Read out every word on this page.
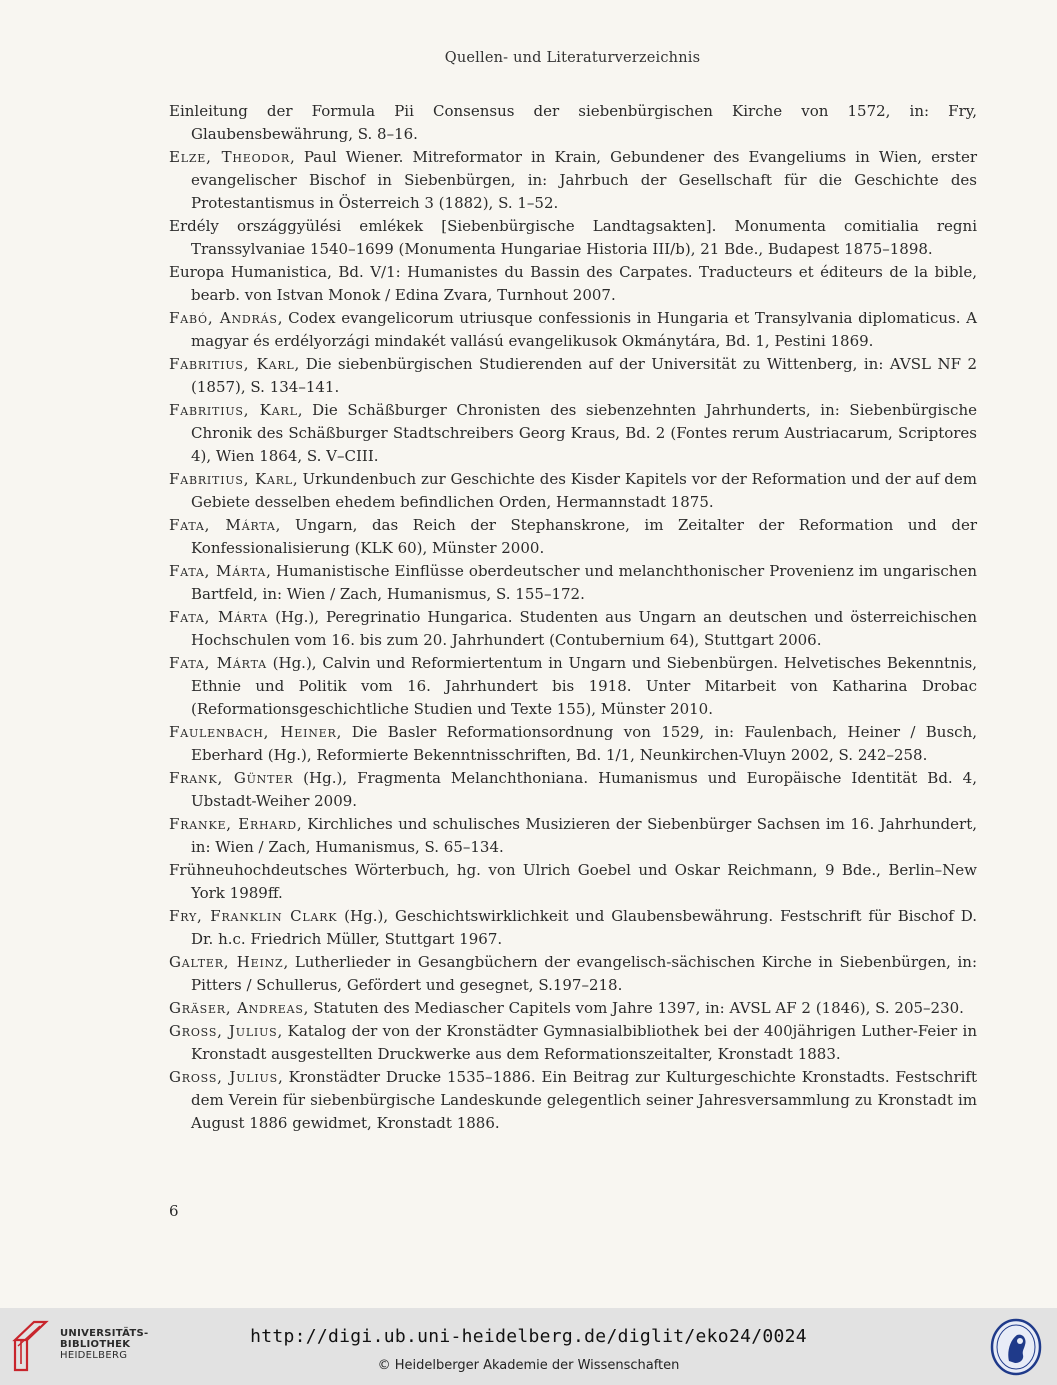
Quellen- und Literaturverzeichnis

Einleitung der Formula Pii Consensus der siebenbürgischen Kirche von 1572, in: Fry, Glaubensbewährung, S. 8–16.

Elze, Theodor, Paul Wiener. Mitreformator in Krain, Gebundener des Evangeliums in Wien, erster evangelischer Bischof in Siebenbürgen, in: Jahrbuch der Gesellschaft für die Geschichte des Protestantismus in Österreich 3 (1882), S. 1–52.

Erdély országgyülési emlékek [Siebenbürgische Landtagsakten]. Monumenta comitialia regni Transsylvaniae 1540–1699 (Monumenta Hungariae Historia III/b), 21 Bde., Budapest 1875–1898.

Europa Humanistica, Bd. V/1: Humanistes du Bassin des Carpates. Traducteurs et éditeurs de la bible, bearb. von Istvan Monok / Edina Zvara, Turnhout 2007.

Fabó, András, Codex evangelicorum utriusque confessionis in Hungaria et Transylvania diplomaticus. A magyar és erdélyorzági mindakét vallású evangelikusok Okmánytára, Bd. 1, Pestini 1869.

Fabritius, Karl, Die siebenbürgischen Studierenden auf der Universität zu Wittenberg, in: AVSL NF 2 (1857), S. 134–141.

Fabritius, Karl, Die Schäßburger Chronisten des siebenzehnten Jahrhunderts, in: Siebenbürgische Chronik des Schäßburger Stadtschreibers Georg Kraus, Bd. 2 (Fontes rerum Austriacarum, Scriptores 4), Wien 1864, S. V–CIII.

Fabritius, Karl, Urkundenbuch zur Geschichte des Kisder Kapitels vor der Reformation und der auf dem Gebiete desselben ehedem befindlichen Orden, Hermannstadt 1875.

Fata, Márta, Ungarn, das Reich der Stephanskrone, im Zeitalter der Reformation und der Konfessionalisierung (KLK 60), Münster 2000.

Fata, Márta, Humanistische Einflüsse oberdeutscher und melanchthonischer Provenienz im ungarischen Bartfeld, in: Wien / Zach, Humanismus, S. 155–172.

Fata, Márta (Hg.), Peregrinatio Hungarica. Studenten aus Ungarn an deutschen und österreichischen Hochschulen vom 16. bis zum 20. Jahrhundert (Contubernium 64), Stuttgart 2006.

Fata, Márta (Hg.), Calvin und Reformiertentum in Ungarn und Siebenbürgen. Helvetisches Bekenntnis, Ethnie und Politik vom 16. Jahrhundert bis 1918. Unter Mitarbeit von Katharina Drobac (Reformationsgeschichtliche Studien und Texte 155), Münster 2010.

Faulenbach, Heiner, Die Basler Reformationsordnung von 1529, in: Faulenbach, Heiner / Busch, Eberhard (Hg.), Reformierte Bekenntnisschriften, Bd. 1/1, Neunkirchen-Vluyn 2002, S. 242–258.

Frank, Günter (Hg.), Fragmenta Melanchthoniana. Humanismus und Europäische Identität Bd. 4, Ubstadt-Weiher 2009.

Franke, Erhard, Kirchliches und schulisches Musizieren der Siebenbürger Sachsen im 16. Jahrhundert, in: Wien / Zach, Humanismus, S. 65–134.

Frühneuhochdeutsches Wörterbuch, hg. von Ulrich Goebel und Oskar Reichmann, 9 Bde., Berlin–New York 1989ff.

Fry, Franklin Clark (Hg.), Geschichtswirklichkeit und Glaubensbewährung. Festschrift für Bischof D. Dr. h.c. Friedrich Müller, Stuttgart 1967.

Galter, Heinz, Lutherlieder in Gesangbüchern der evangelisch-sächischen Kirche in Siebenbürgen, in: Pitters / Schullerus, Gefördert und gesegnet, S.197–218.

Gräser, Andreas, Statuten des Mediascher Capitels vom Jahre 1397, in: AVSL AF 2 (1846), S. 205–230.

Gross, Julius, Katalog der von der Kronstädter Gymnasialbibliothek bei der 400jährigen Luther-Feier in Kronstadt ausgestellten Druckwerke aus dem Reformationszeitalter, Kronstadt 1883.

Gross, Julius, Kronstädter Drucke 1535–1886. Ein Beitrag zur Kulturgeschichte Kronstadts. Festschrift dem Verein für siebenbürgische Landeskunde gelegentlich seiner Jahresversammlung zu Kronstadt im August 1886 gewidmet, Kronstadt 1886.

6
UNIVERSITÄTS-
BIBLIOTHEK
HEIDELBERG
http://digi.ub.uni-heidelberg.de/diglit/eko24/0024
© Heidelberger Akademie der Wissenschaften
